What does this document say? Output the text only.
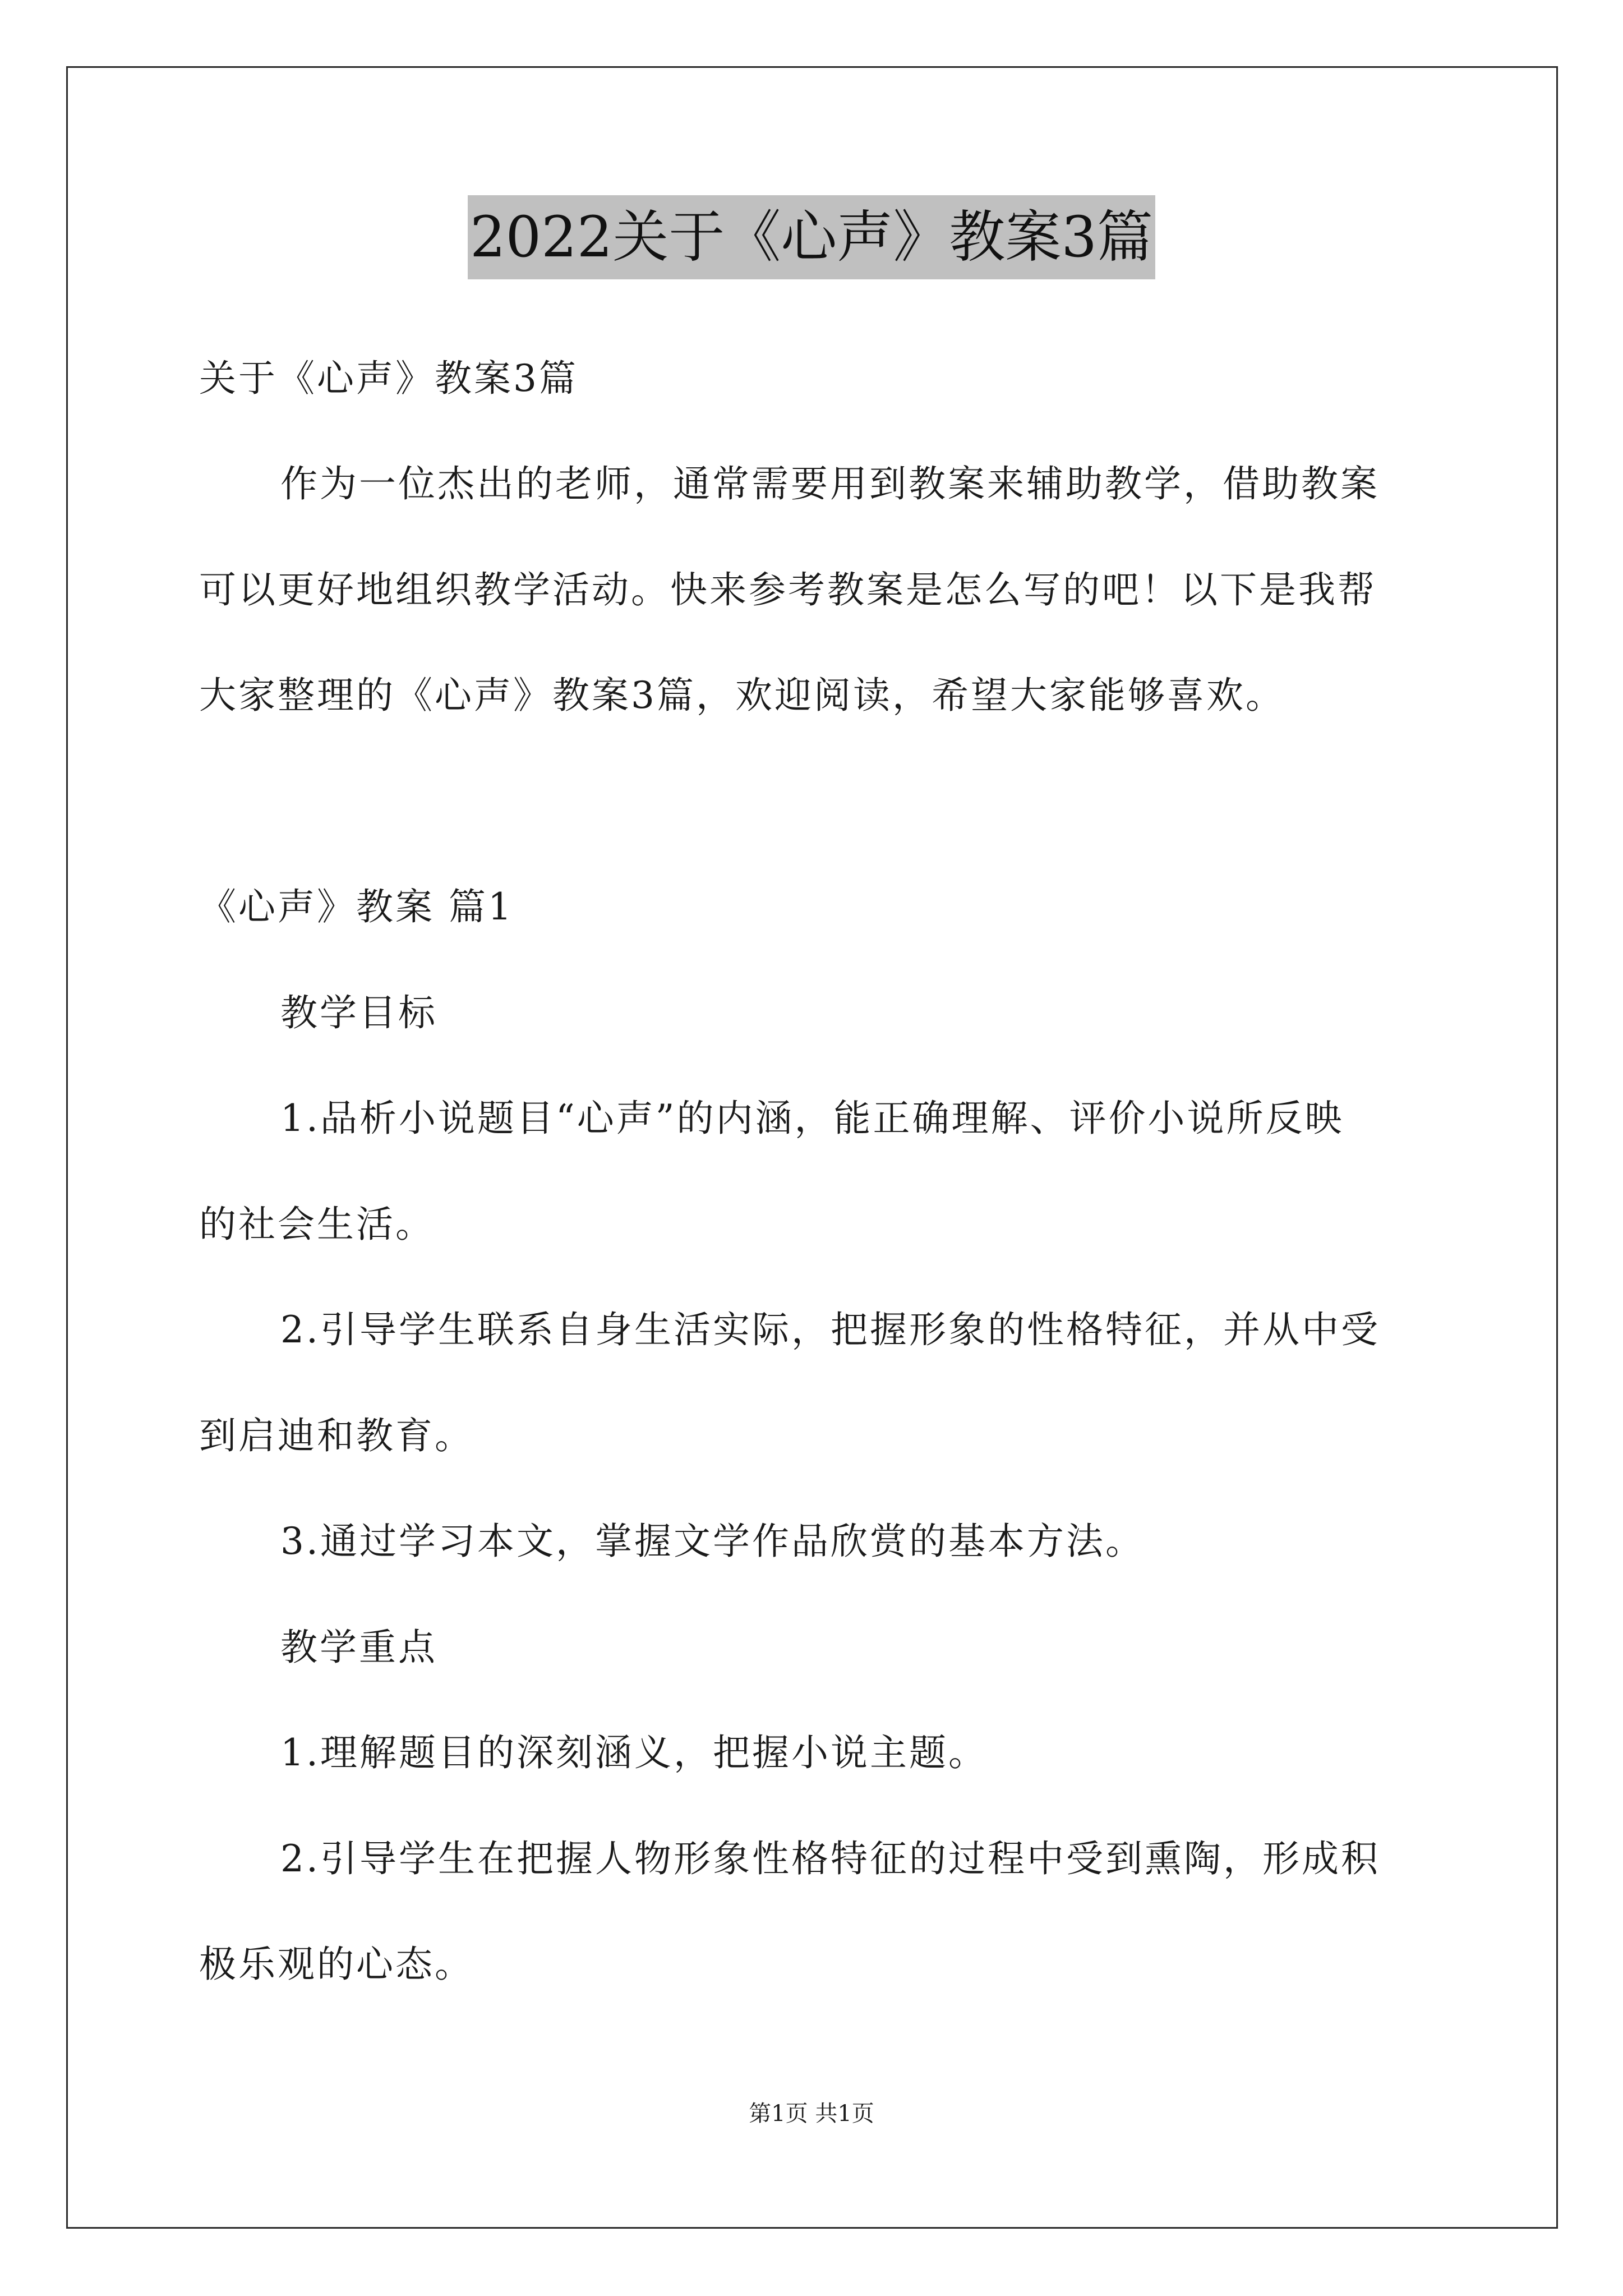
2022关于《心声》教案3篇
关于《心声》教案3篇
作为一位杰出的老师，通常需要用到教案来辅助教学，借助教案
可以更好地组织教学活动。快来参考教案是怎么写的吧！以下是我帮
大家整理的《心声》教案3篇，欢迎阅读，希望大家能够喜欢。
《心声》教案 篇1
教学目标
1.品析小说题目“心声”的内涵，能正确理解、评价小说所反映
的社会生活。
2.引导学生联系自身生活实际，把握形象的性格特征，并从中受
到启迪和教育。
3.通过学习本文，掌握文学作品欣赏的基本方法。
教学重点
1.理解题目的深刻涵义，把握小说主题。
2.引导学生在把握人物形象性格特征的过程中受到熏陶，形成积
极乐观的心态。
第1页 共1页
